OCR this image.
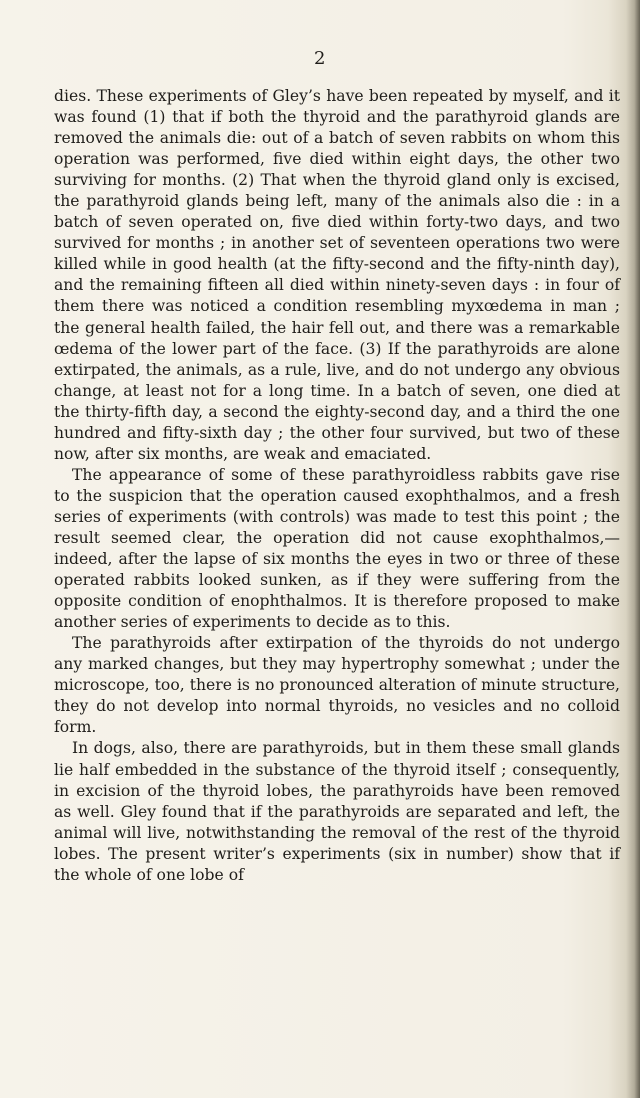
2

dies. These experiments of Gley’s have been repeated by myself, and it was found (1) that if both the thyroid and the parathyroid glands are removed the animals die: out of a batch of seven rabbits on whom this operation was performed, five died within eight days, the other two surviving for months. (2) That when the thyroid gland only is excised, the parathyroid glands being left, many of the animals also die : in a batch of seven operated on, five died within forty-two days, and two survived for months ; in another set of seventeen operations two were killed while in good health (at the fifty-second and the fifty-ninth day), and the remaining fifteen all died within ninety-seven days : in four of them there was noticed a condition resembling myxœdema in man ; the general health failed, the hair fell out, and there was a remarkable œdema of the lower part of the face. (3) If the parathyroids are alone extirpated, the animals, as a rule, live, and do not undergo any obvious change, at least not for a long time. In a batch of seven, one died at the thirty-fifth day, a second the eighty-second day, and a third the one hundred and fifty-sixth day ; the other four survived, but two of these now, after six months, are weak and emaciated.

The appearance of some of these parathyroidless rabbits gave rise to the suspicion that the operation caused exophthalmos, and a fresh series of experiments (with controls) was made to test this point ; the result seemed clear, the operation did not cause exophthalmos,—indeed, after the lapse of six months the eyes in two or three of these operated rabbits looked sunken, as if they were suffering from the opposite condition of enophthalmos. It is therefore proposed to make another series of experiments to decide as to this.

The parathyroids after extirpation of the thyroids do not undergo any marked changes, but they may hypertrophy somewhat ; under the microscope, too, there is no pronounced alteration of minute structure, they do not develop into normal thyroids, no vesicles and no colloid form.

In dogs, also, there are parathyroids, but in them these small glands lie half embedded in the substance of the thyroid itself ; consequently, in excision of the thyroid lobes, the parathyroids have been removed as well. Gley found that if the parathyroids are separated and left, the animal will live, notwithstanding the removal of the rest of the thyroid lobes. The present writer’s experiments (six in number) show that if the whole of one lobe of
